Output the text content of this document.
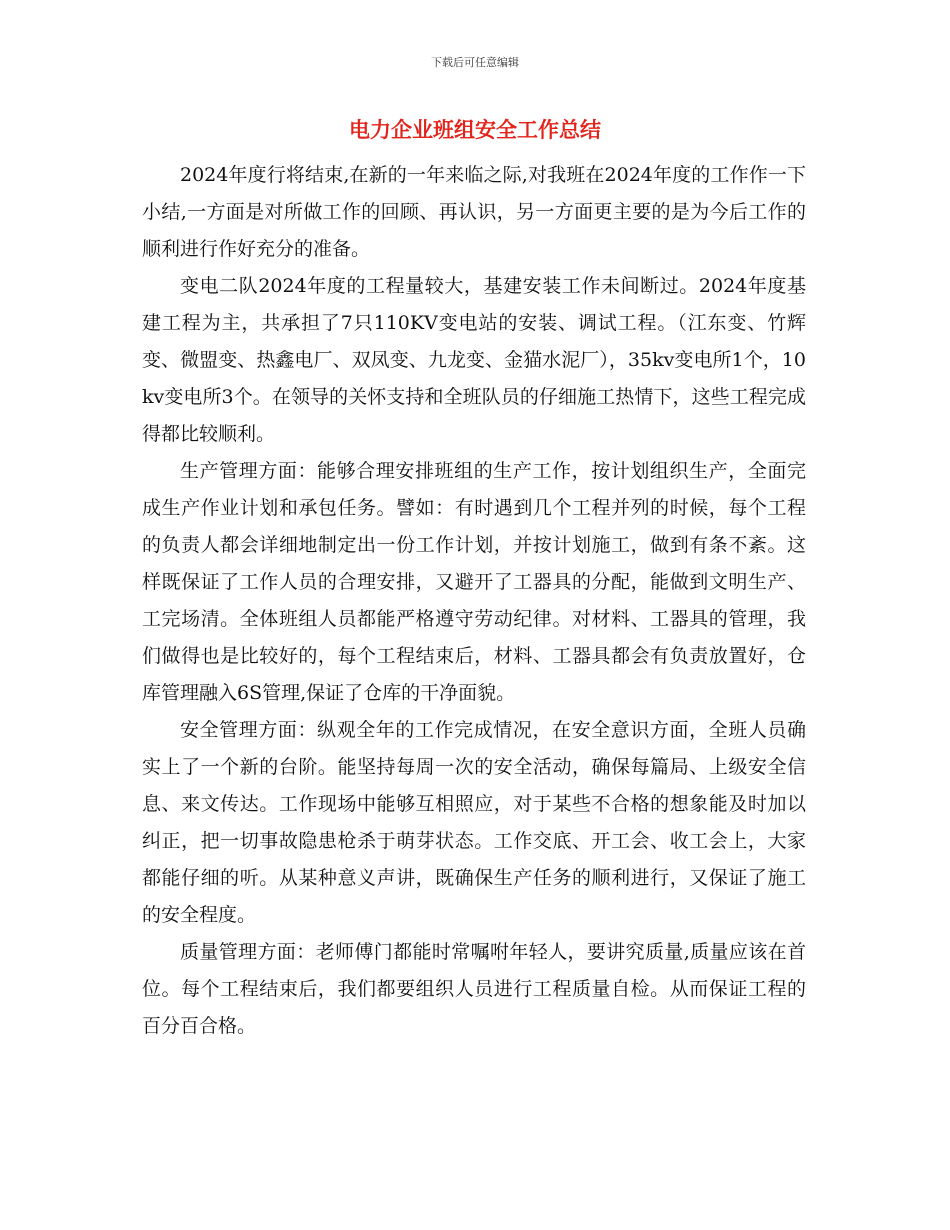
下载后可任意编辑
电力企业班组安全工作总结

2024年度行将结束,在新的一年来临之际,对我班在2024年度的工作作一下小结,一方面是对所做工作的回顾、再认识，另一方面更主要的是为今后工作的顺利进行作好充分的准备。

变电二队2024年度的工程量较大，基建安装工作未间断过。2024年度基建工程为主，共承担了7只110KV变电站的安装、调试工程。（江东变、竹辉变、微盟变、热鑫电厂、双凤变、九龙变、金猫水泥厂），35kv变电所1个，10kv变电所3个。在领导的关怀支持和全班队员的仔细施工热情下，这些工程完成得都比较顺利。

生产管理方面：能够合理安排班组的生产工作，按计划组织生产，全面完成生产作业计划和承包任务。譬如：有时遇到几个工程并列的时候，每个工程的负责人都会详细地制定出一份工作计划，并按计划施工，做到有条不紊。这样既保证了工作人员的合理安排，又避开了工器具的分配，能做到文明生产、工完场清。全体班组人员都能严格遵守劳动纪律。对材料、工器具的管理，我们做得也是比较好的，每个工程结束后，材料、工器具都会有负责放置好，仓库管理融入6S管理,保证了仓库的干净面貌。

安全管理方面：纵观全年的工作完成情况，在安全意识方面，全班人员确实上了一个新的台阶。能坚持每周一次的安全活动，确保每篇局、上级安全信息、来文传达。工作现场中能够互相照应，对于某些不合格的想象能及时加以纠正，把一切事故隐患枪杀于萌芽状态。工作交底、开工会、收工会上，大家都能仔细的听。从某种意义声讲，既确保生产任务的顺利进行，又保证了施工的安全程度。

质量管理方面：老师傅门都能时常嘱咐年轻人，要讲究质量,质量应该在首位。每个工程结束后，我们都要组织人员进行工程质量自检。从而保证工程的百分百合格。
